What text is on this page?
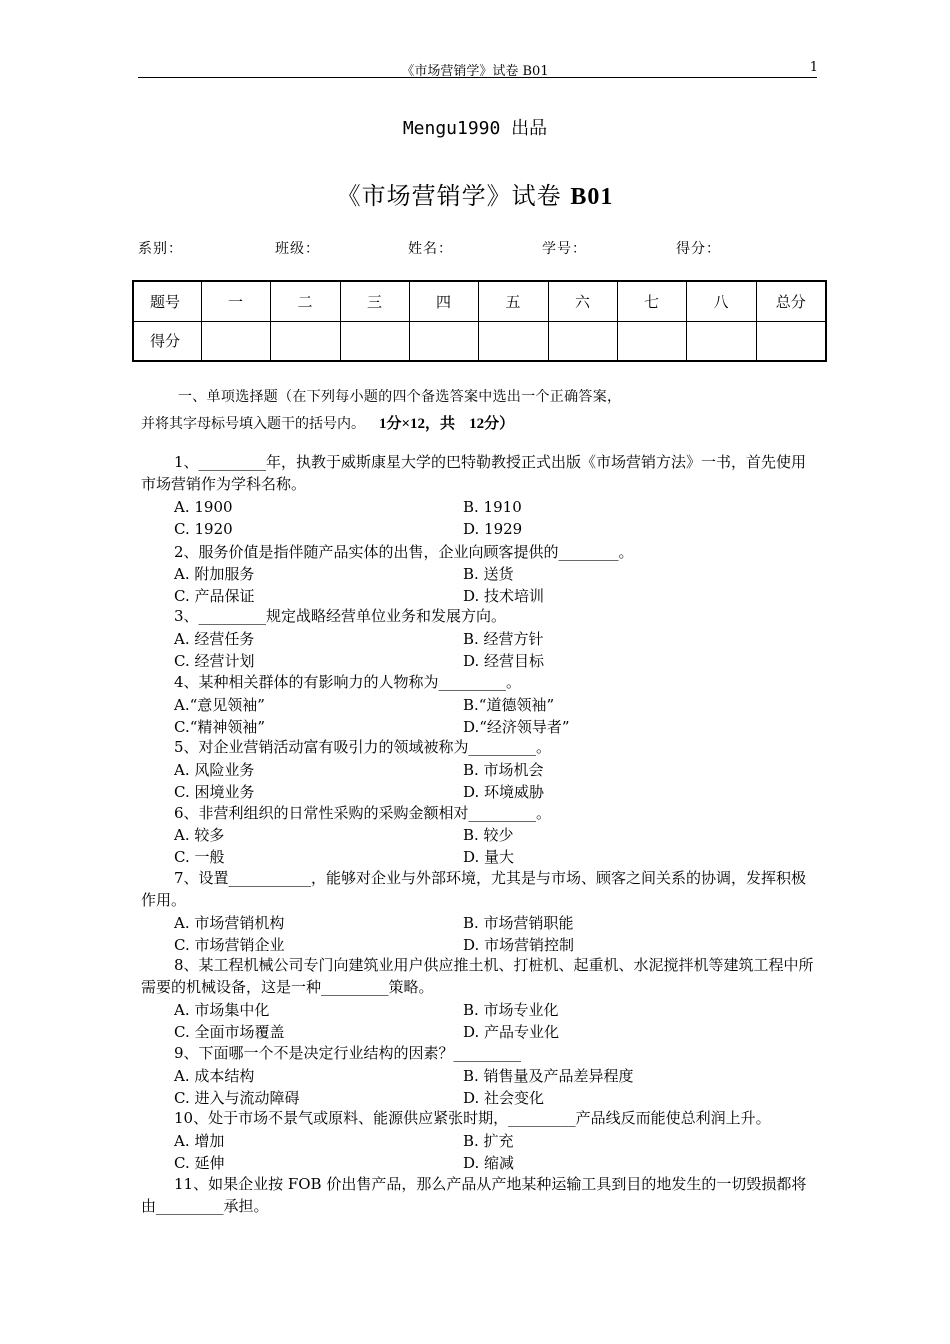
《市场营销学》试卷 B01	1
Mengu1990 出品
《市场营销学》试卷 B01
系别：	班级：	姓名：	学号：	得分：
题号	一	二	三	四	五	六	七	八	总分
得分									
一、单项选择题（在下列每小题的四个备选答案中选出一个正确答案，
并将其字母标号填入题干的括号内。 1分×12，共 12分）
1、_________年，执教于威斯康星大学的巴特勒教授正式出版《市场营销方法》一书，首先使用市场营销作为学科名称。
A. 1900	B. 1910
C. 1920	D. 1929
2、服务价值是指伴随产品实体的出售，企业向顾客提供的________。
A. 附加服务	B. 送货
C. 产品保证	D. 技术培训
3、_________规定战略经营单位业务和发展方向。
A. 经营任务	B. 经营方针
C. 经营计划	D. 经营目标
4、某种相关群体的有影响力的人物称为_________。
A.“意见领袖”	B.“道德领袖”
C.“精神领袖”	D.“经济领导者”
5、对企业营销活动富有吸引力的领域被称为_________。
A. 风险业务	B. 市场机会
C. 困境业务	D. 环境威胁
6、非营利组织的日常性采购的采购金额相对_________。
A. 较多	B. 较少
C. 一般	D. 量大
7、设置___________，能够对企业与外部环境，尤其是与市场、顾客之间关系的协调，发挥积极作用。
A. 市场营销机构	B. 市场营销职能
C. 市场营销企业	D. 市场营销控制
8、某工程机械公司专门向建筑业用户供应推土机、打桩机、起重机、水泥搅拌机等建筑工程中所需要的机械设备，这是一种_________策略。
A. 市场集中化	B. 市场专业化
C. 全面市场覆盖	D. 产品专业化
9、下面哪一个不是决定行业结构的因素？_________
A. 成本结构	B. 销售量及产品差异程度
C. 进入与流动障碍	D. 社会变化
10、处于市场不景气或原料、能源供应紧张时期，_________产品线反而能使总利润上升。
A. 增加	B. 扩充
C. 延伸	D. 缩减
11、如果企业按 FOB 价出售产品，那么产品从产地某种运输工具到目的地发生的一切毁损都将由_________承担。
